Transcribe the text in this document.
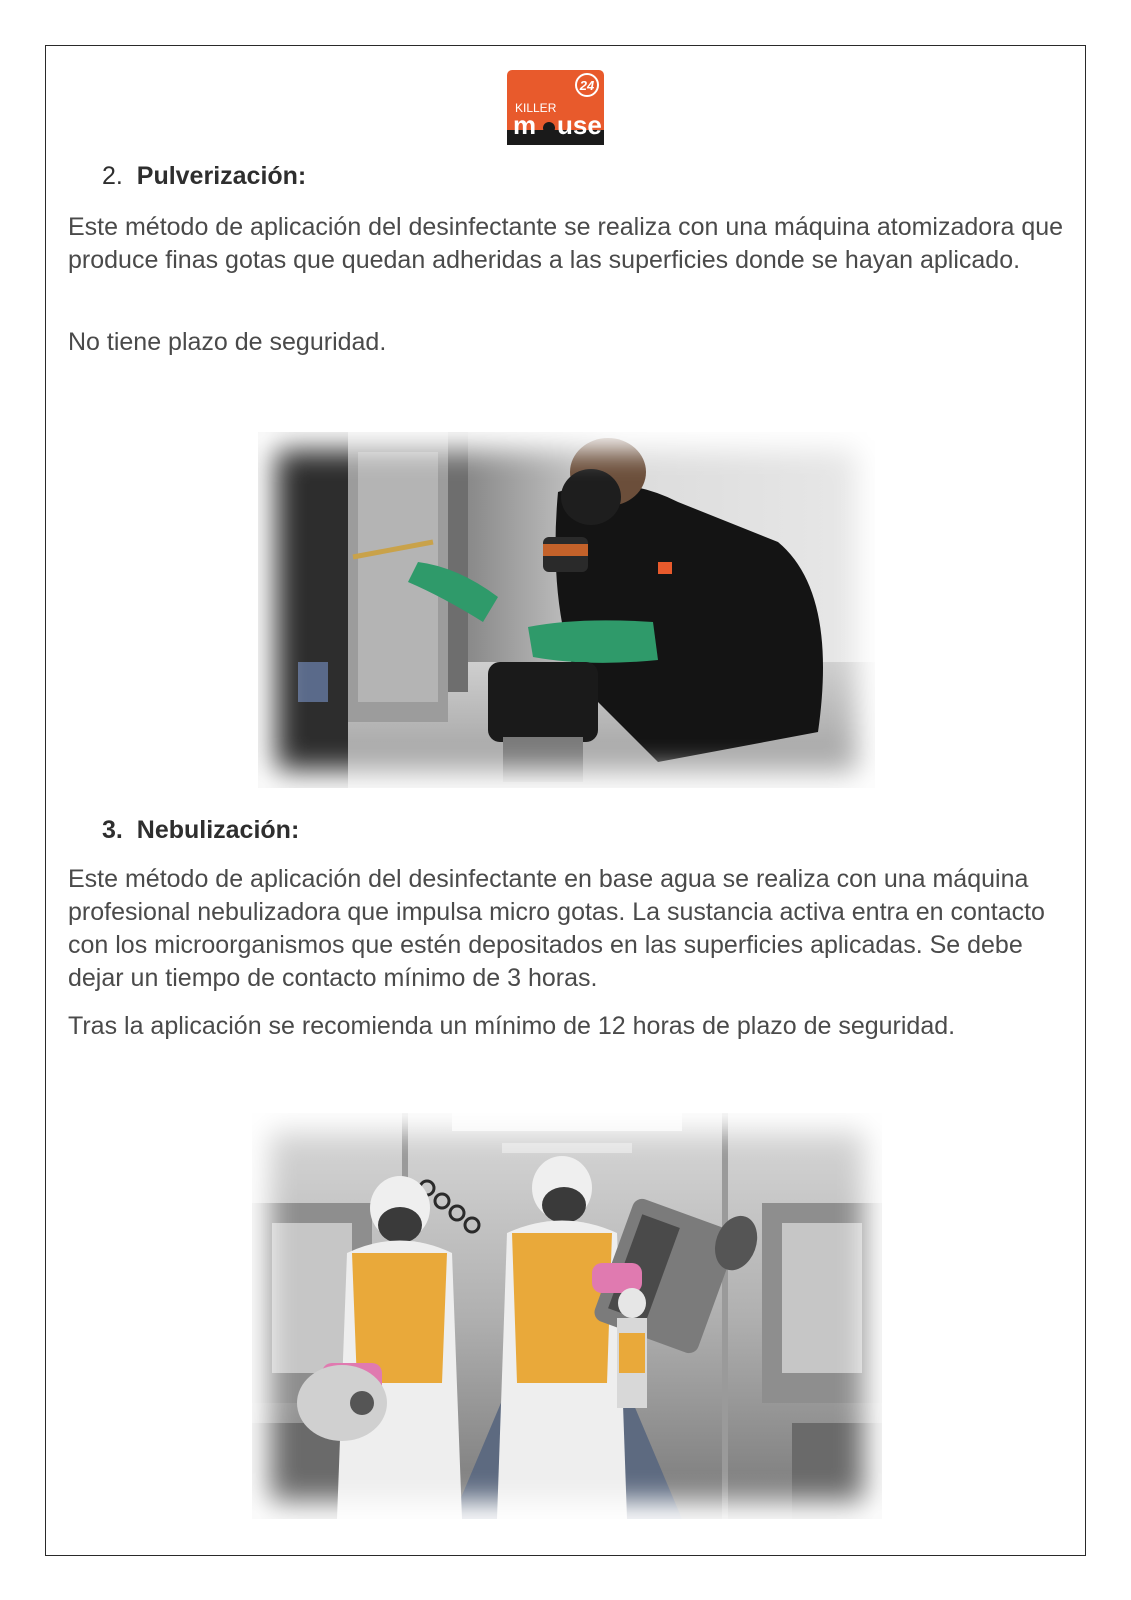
24
KILLER
m use
2. Pulverización:

Este método de aplicación del desinfectante se realiza con una máquina atomizadora que produce finas gotas que quedan adheridas a las superficies donde se hayan aplicado.

No tiene plazo de seguridad.

3. Nebulización:

Este método de aplicación del desinfectante en base agua se realiza con una máquina profesional nebulizadora que impulsa micro gotas. La sustancia activa entra en contacto con los microorganismos que estén depositados en las superficies aplicadas. Se debe dejar un tiempo de contacto mínimo de 3 horas.

Tras la aplicación se recomienda un mínimo de 12 horas de plazo de seguridad.
